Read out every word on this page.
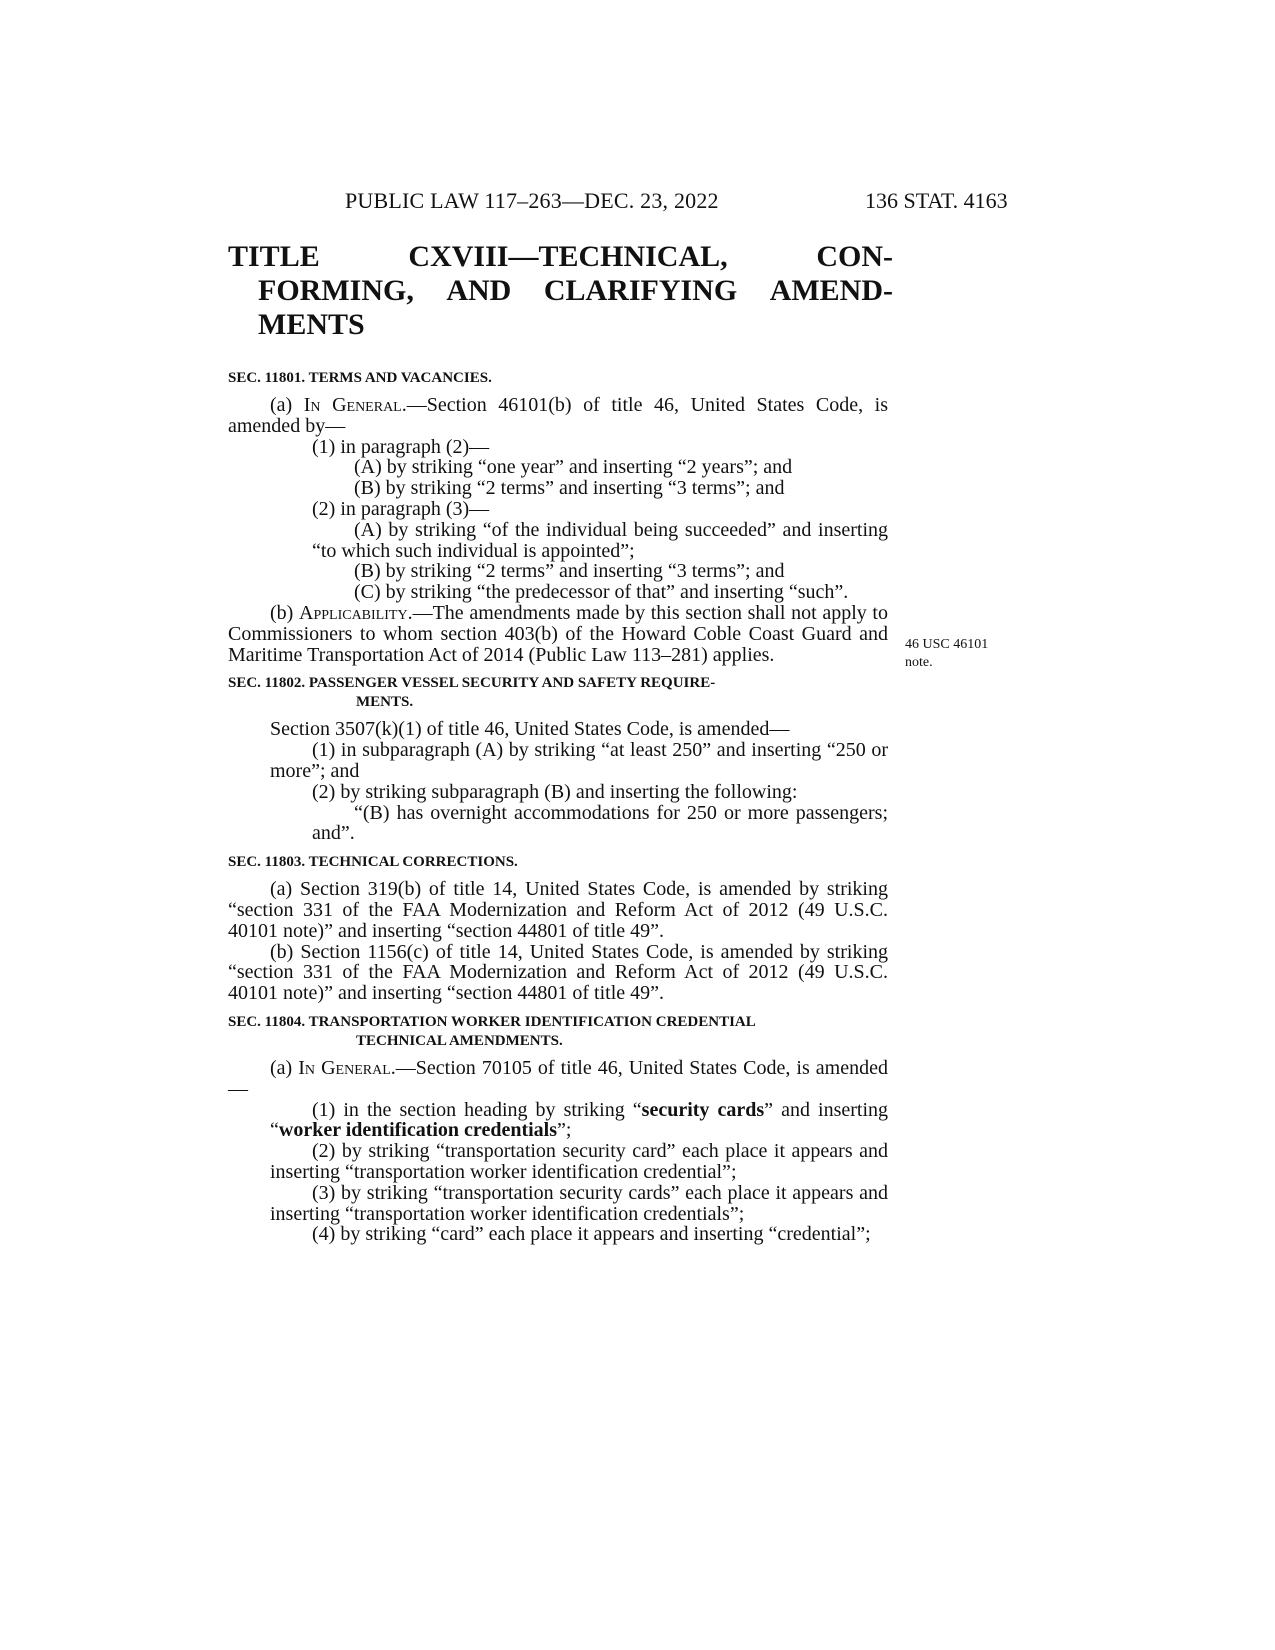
PUBLIC LAW 117–263—DEC. 23, 2022	136 STAT. 4163
TITLE	CXVIII—TECHNICAL,	CON-
FORMING, AND CLARIFYING AMEND-
MENTS
46 USC 46101
note.
SEC. 11801. TERMS AND VACANCIES.

(a) In General.—Section 46101(b) of title 46, United States Code, is amended by—

(1) in paragraph (2)—

(A) by striking “one year” and inserting “2 years”; and

(B) by striking “2 terms” and inserting “3 terms”; and

(2) in paragraph (3)—

(A) by striking “of the individual being succeeded” and inserting “to which such individual is appointed”;

(B) by striking “2 terms” and inserting “3 terms”; and

(C) by striking “the predecessor of that” and inserting “such”.

(b) Applicability.—The amendments made by this section shall not apply to Commissioners to whom section 403(b) of the Howard Coble Coast Guard and Maritime Transportation Act of 2014 (Public Law 113–281) applies.

SEC. 11802. PASSENGER VESSEL SECURITY AND SAFETY REQUIRE-
MENTS.

Section 3507(k)(1) of title 46, United States Code, is amended—

(1) in subparagraph (A) by striking “at least 250” and inserting “250 or more”; and

(2) by striking subparagraph (B) and inserting the following:

“(B) has overnight accommodations for 250 or more passengers; and”.

SEC. 11803. TECHNICAL CORRECTIONS.

(a) Section 319(b) of title 14, United States Code, is amended by striking “section 331 of the FAA Modernization and Reform Act of 2012 (49 U.S.C. 40101 note)” and inserting “section 44801 of title 49”.

(b) Section 1156(c) of title 14, United States Code, is amended by striking “section 331 of the FAA Modernization and Reform Act of 2012 (49 U.S.C. 40101 note)” and inserting “section 44801 of title 49”.

SEC. 11804. TRANSPORTATION WORKER IDENTIFICATION CREDENTIAL
TECHNICAL AMENDMENTS.

(a) In General.—Section 70105 of title 46, United States Code, is amended—

(1) in the section heading by striking “security cards” and inserting “worker identification credentials”;

(2) by striking “transportation security card” each place it appears and inserting “transportation worker identification credential”;

(3) by striking “transportation security cards” each place it appears and inserting “transportation worker identification credentials”;

(4) by striking “card” each place it appears and inserting “credential”;
